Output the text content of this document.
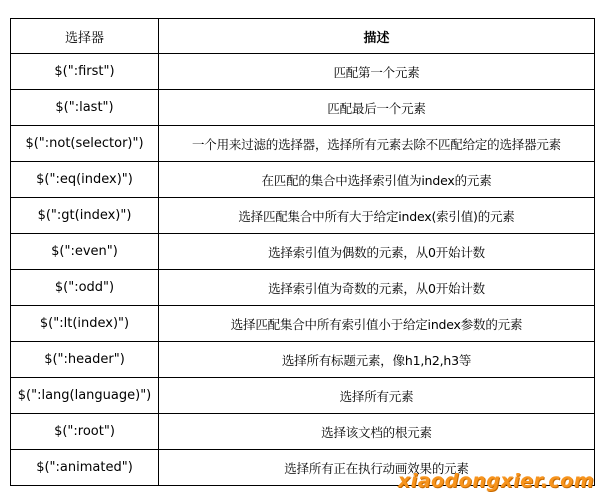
选择器	描述
$(":first")	匹配第一个元素
$(":last")	匹配最后一个元素
$(":not(selector)")	一个用来过滤的选择器，选择所有元素去除不匹配给定的选择器元素
$(":eq(index)")	在匹配的集合中选择索引值为index的元素
$(":gt(index)")	选择匹配集合中所有大于给定index(索引值)的元素
$(":even")	选择索引值为偶数的元素，从0开始计数
$(":odd")	选择索引值为奇数的元素，从0开始计数
$(":lt(index)")	选择匹配集合中所有索引值小于给定index参数的元素
$(":header")	选择所有标题元素，像h1,h2,h3等
$(":lang(language)")	选择所有元素
$(":root")	选择该文档的根元素
$(":animated")	选择所有正在执行动画效果的元素
xiaodongxier.com
